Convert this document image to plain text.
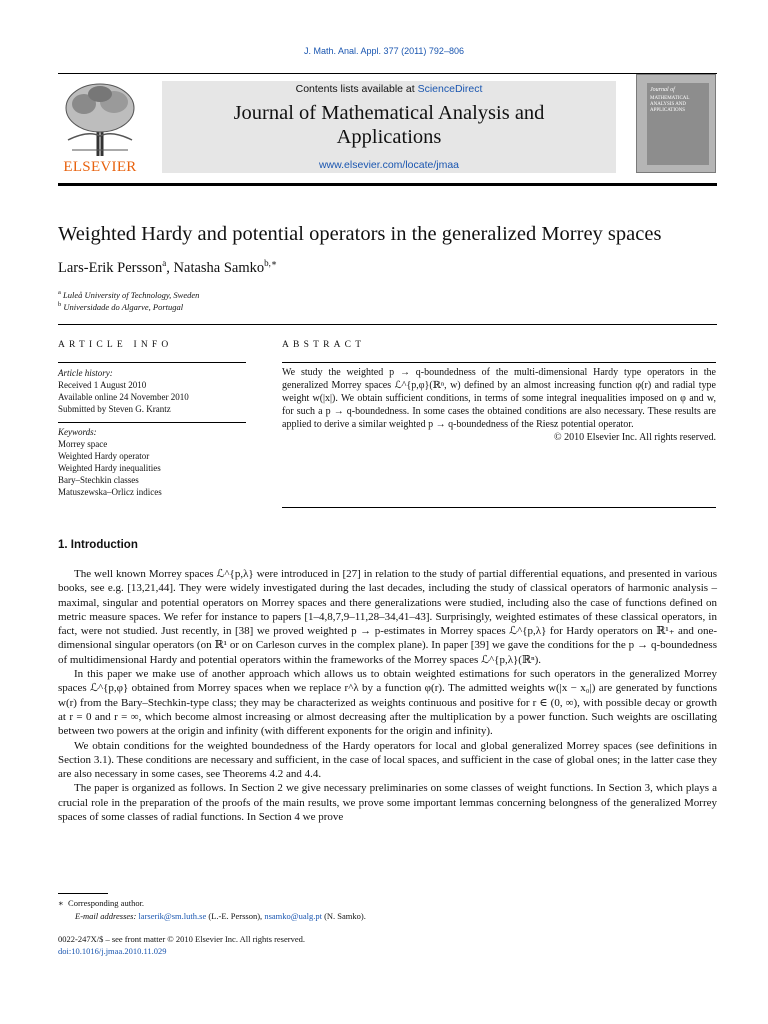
J. Math. Anal. Appl. 377 (2011) 792–806
ELSEVIER
Contents lists available at ScienceDirect
Journal of Mathematical Analysis and
Applications
www.elsevier.com/locate/jmaa
Journal of
MATHEMATICAL ANALYSIS AND APPLICATIONS
Weighted Hardy and potential operators in the generalized Morrey spaces
Lars-Erik Persson$^a$, Natasha Samko$^{b,∗}$
$^a$ Luleå University of Technology, Sweden
$^b$ Universidade do Algarve, Portugal
ARTICLE INFO
Article history:
Received 1 August 2010
Available online 24 November 2010
Submitted by Steven G. Krantz
Keywords:
Morrey space
Weighted Hardy operator
Weighted Hardy inequalities
Bary–Stechkin classes
Matuszewska–Orlicz indices
ABSTRACT
We study the weighted p → q-boundedness of the multi-dimensional Hardy type operators in the generalized Morrey spaces ℒ^{p,φ}(ℝⁿ, w) defined by an almost increasing function φ(r) and radial type weight w(|x|). We obtain sufficient conditions, in terms of some integral inequalities imposed on φ and w, for such a p → q-boundedness. In some cases the obtained conditions are also necessary. These results are applied to derive a similar weighted p → q-boundedness of the Riesz potential operator.
© 2010 Elsevier Inc. All rights reserved.
1. Introduction

The well known Morrey spaces ℒ^{p,λ} were introduced in [27] in relation to the study of partial differential equations, and presented in various books, see e.g. [13,21,44]. They were widely investigated during the last decades, including the study of classical operators of harmonic analysis – maximal, singular and potential operators on Morrey spaces and there generalizations were studied, including also the case of functions defined on metric measure spaces. We refer for instance to papers [1–4,8,7,9–11,28–34,41–43]. Surprisingly, weighted estimates of these classical operators, in fact, were not studied. Just recently, in [38] we proved weighted p → p-estimates in Morrey spaces ℒ^{p,λ} for Hardy operators on ℝ¹₊ and one-dimensional singular operators (on ℝ¹ or on Carleson curves in the complex plane). In paper [39] we gave the conditions for the p → q-boundedness of multidimensional Hardy and potential operators within the frameworks of the Morrey spaces ℒ^{p,λ}(ℝⁿ).

In this paper we make use of another approach which allows us to obtain weighted estimations for such operators in the generalized Morrey spaces ℒ^{p,φ} obtained from Morrey spaces when we replace r^λ by a function φ(r). The admitted weights w(|x − x₀|) are generated by functions w(r) from the Bary–Stechkin-type class; they may be characterized as weights continuous and positive for r ∈ (0, ∞), with possible decay or growth at r = 0 and r = ∞, which become almost increasing or almost decreasing after the multiplication by a power function. Such weights are oscillating between two powers at the origin and infinity (with different exponents for the origin and infinity).

We obtain conditions for the weighted boundedness of the Hardy operators for local and global generalized Morrey spaces (see definitions in Section 3.1). These conditions are necessary and sufficient, in the case of local spaces, and sufficient in the case of global ones; in the latter case they are also necessary in some cases, see Theorems 4.2 and 4.4.

The paper is organized as follows. In Section 2 we give necessary preliminaries on some classes of weight functions. In Section 3, which plays a crucial role in the preparation of the proofs of the main results, we prove some important lemmas concerning belongness of the generalized Morrey spaces of some classes of radial functions. In Section 4 we prove

∗ Corresponding author.
E-mail addresses: larserik@sm.luth.se (L.-E. Persson), nsamko@ualg.pt (N. Samko).
0022-247X/$ – see front matter © 2010 Elsevier Inc. All rights reserved.
doi:10.1016/j.jmaa.2010.11.029
